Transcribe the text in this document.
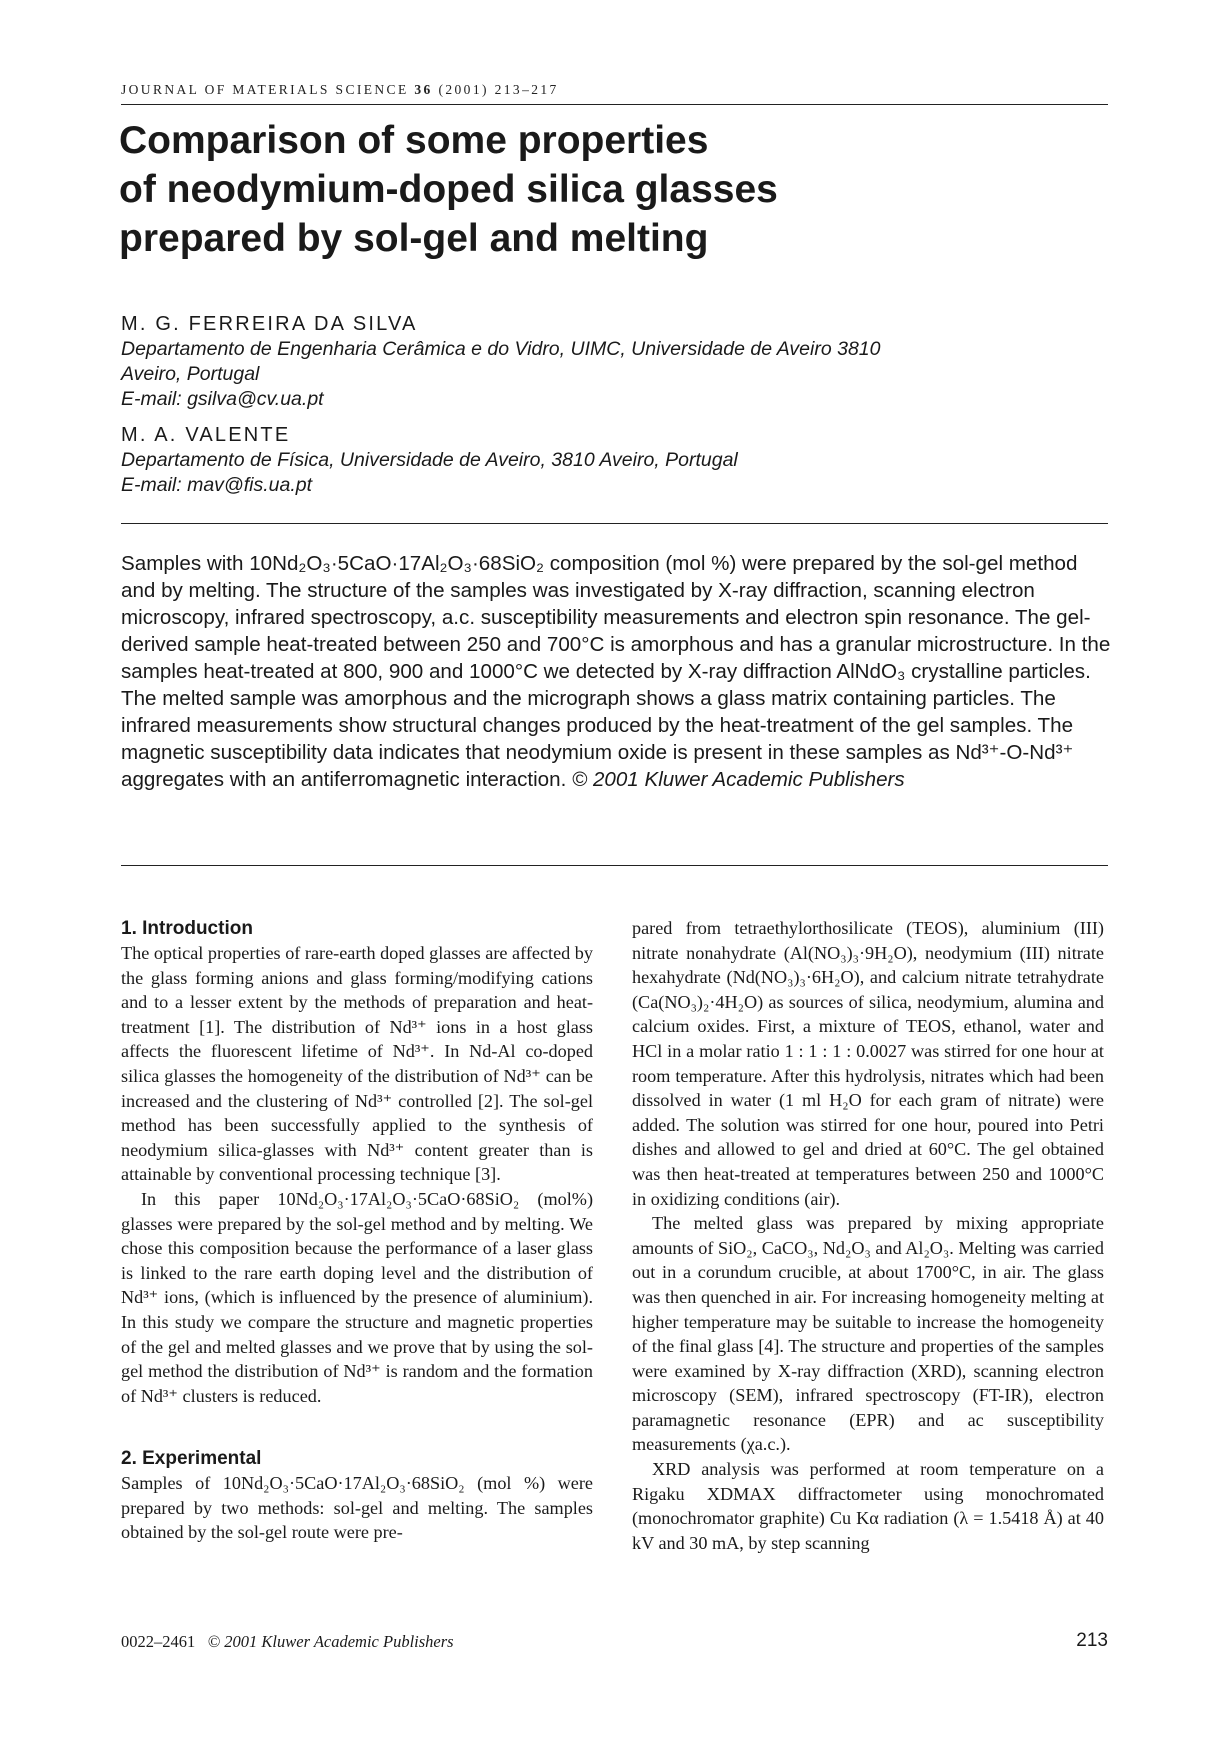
JOURNAL OF MATERIALS SCIENCE 36 (2001) 213–217
Comparison of some properties
of neodymium-doped silica glasses
prepared by sol-gel and melting
M. G. FERREIRA DA SILVA
Departamento de Engenharia Cerâmica e do Vidro, UIMC, Universidade de Aveiro 3810
Aveiro, Portugal
E-mail: gsilva@cv.ua.pt
M. A. VALENTE
Departamento de Física, Universidade de Aveiro, 3810 Aveiro, Portugal
E-mail: mav@fis.ua.pt

Samples with 10Nd₂O₃·5CaO·17Al₂O₃·68SiO₂ composition (mol %) were prepared by the sol-gel method and by melting. The structure of the samples was investigated by X-ray diffraction, scanning electron microscopy, infrared spectroscopy, a.c. susceptibility measurements and electron spin resonance. The gel-derived sample heat-treated between 250 and 700°C is amorphous and has a granular microstructure. In the samples heat-treated at 800, 900 and 1000°C we detected by X-ray diffraction AlNdO₃ crystalline particles. The melted sample was amorphous and the micrograph shows a glass matrix containing particles. The infrared measurements show structural changes produced by the heat-treatment of the gel samples. The magnetic susceptibility data indicates that neodymium oxide is present in these samples as Nd³⁺-O-Nd³⁺ aggregates with an antiferromagnetic interaction. © 2001 Kluwer Academic Publishers

1. Introduction

The optical properties of rare-earth doped glasses are affected by the glass forming anions and glass forming/modifying cations and to a lesser extent by the methods of preparation and heat-treatment [1]. The distribution of Nd³⁺ ions in a host glass affects the fluorescent lifetime of Nd³⁺. In Nd-Al co-doped silica glasses the homogeneity of the distribution of Nd³⁺ can be increased and the clustering of Nd³⁺ controlled [2]. The sol-gel method has been successfully applied to the synthesis of neodymium silica-glasses with Nd³⁺ content greater than is attainable by conventional processing technique [3].

In this paper 10Nd₂O₃·17Al₂O₃·5CaO·68SiO₂ (mol%) glasses were prepared by the sol-gel method and by melting. We chose this composition because the performance of a laser glass is linked to the rare earth doping level and the distribution of Nd³⁺ ions, (which is influenced by the presence of aluminium). In this study we compare the structure and magnetic properties of the gel and melted glasses and we prove that by using the sol-gel method the distribution of Nd³⁺ is random and the formation of Nd³⁺ clusters is reduced.

2. Experimental

Samples of 10Nd₂O₃·5CaO·17Al₂O₃·68SiO₂ (mol %) were prepared by two methods: sol-gel and melting. The samples obtained by the sol-gel route were pre-

pared from tetraethylorthosilicate (TEOS), aluminium (III) nitrate nonahydrate (Al(NO₃)₃·9H₂O), neodymium (III) nitrate hexahydrate (Nd(NO₃)₃·6H₂O), and calcium nitrate tetrahydrate (Ca(NO₃)₂·4H₂O) as sources of silica, neodymium, alumina and calcium oxides. First, a mixture of TEOS, ethanol, water and HCl in a molar ratio 1 : 1 : 1 : 0.0027 was stirred for one hour at room temperature. After this hydrolysis, nitrates which had been dissolved in water (1 ml H₂O for each gram of nitrate) were added. The solution was stirred for one hour, poured into Petri dishes and allowed to gel and dried at 60°C. The gel obtained was then heat-treated at temperatures between 250 and 1000°C in oxidizing conditions (air).

The melted glass was prepared by mixing appropriate amounts of SiO₂, CaCO₃, Nd₂O₃ and Al₂O₃. Melting was carried out in a corundum crucible, at about 1700°C, in air. The glass was then quenched in air. For increasing homogeneity melting at higher temperature may be suitable to increase the homogeneity of the final glass [4]. The structure and properties of the samples were examined by X-ray diffraction (XRD), scanning electron microscopy (SEM), infrared spectroscopy (FT-IR), electron paramagnetic resonance (EPR) and ac susceptibility measurements (χa.c.).

XRD analysis was performed at room temperature on a Rigaku XDMAX diffractometer using monochromated (monochromator graphite) Cu Kα radiation (λ = 1.5418 Å) at 40 kV and 30 mA, by step scanning

0022–2461 © 2001 Kluwer Academic Publishers	213
